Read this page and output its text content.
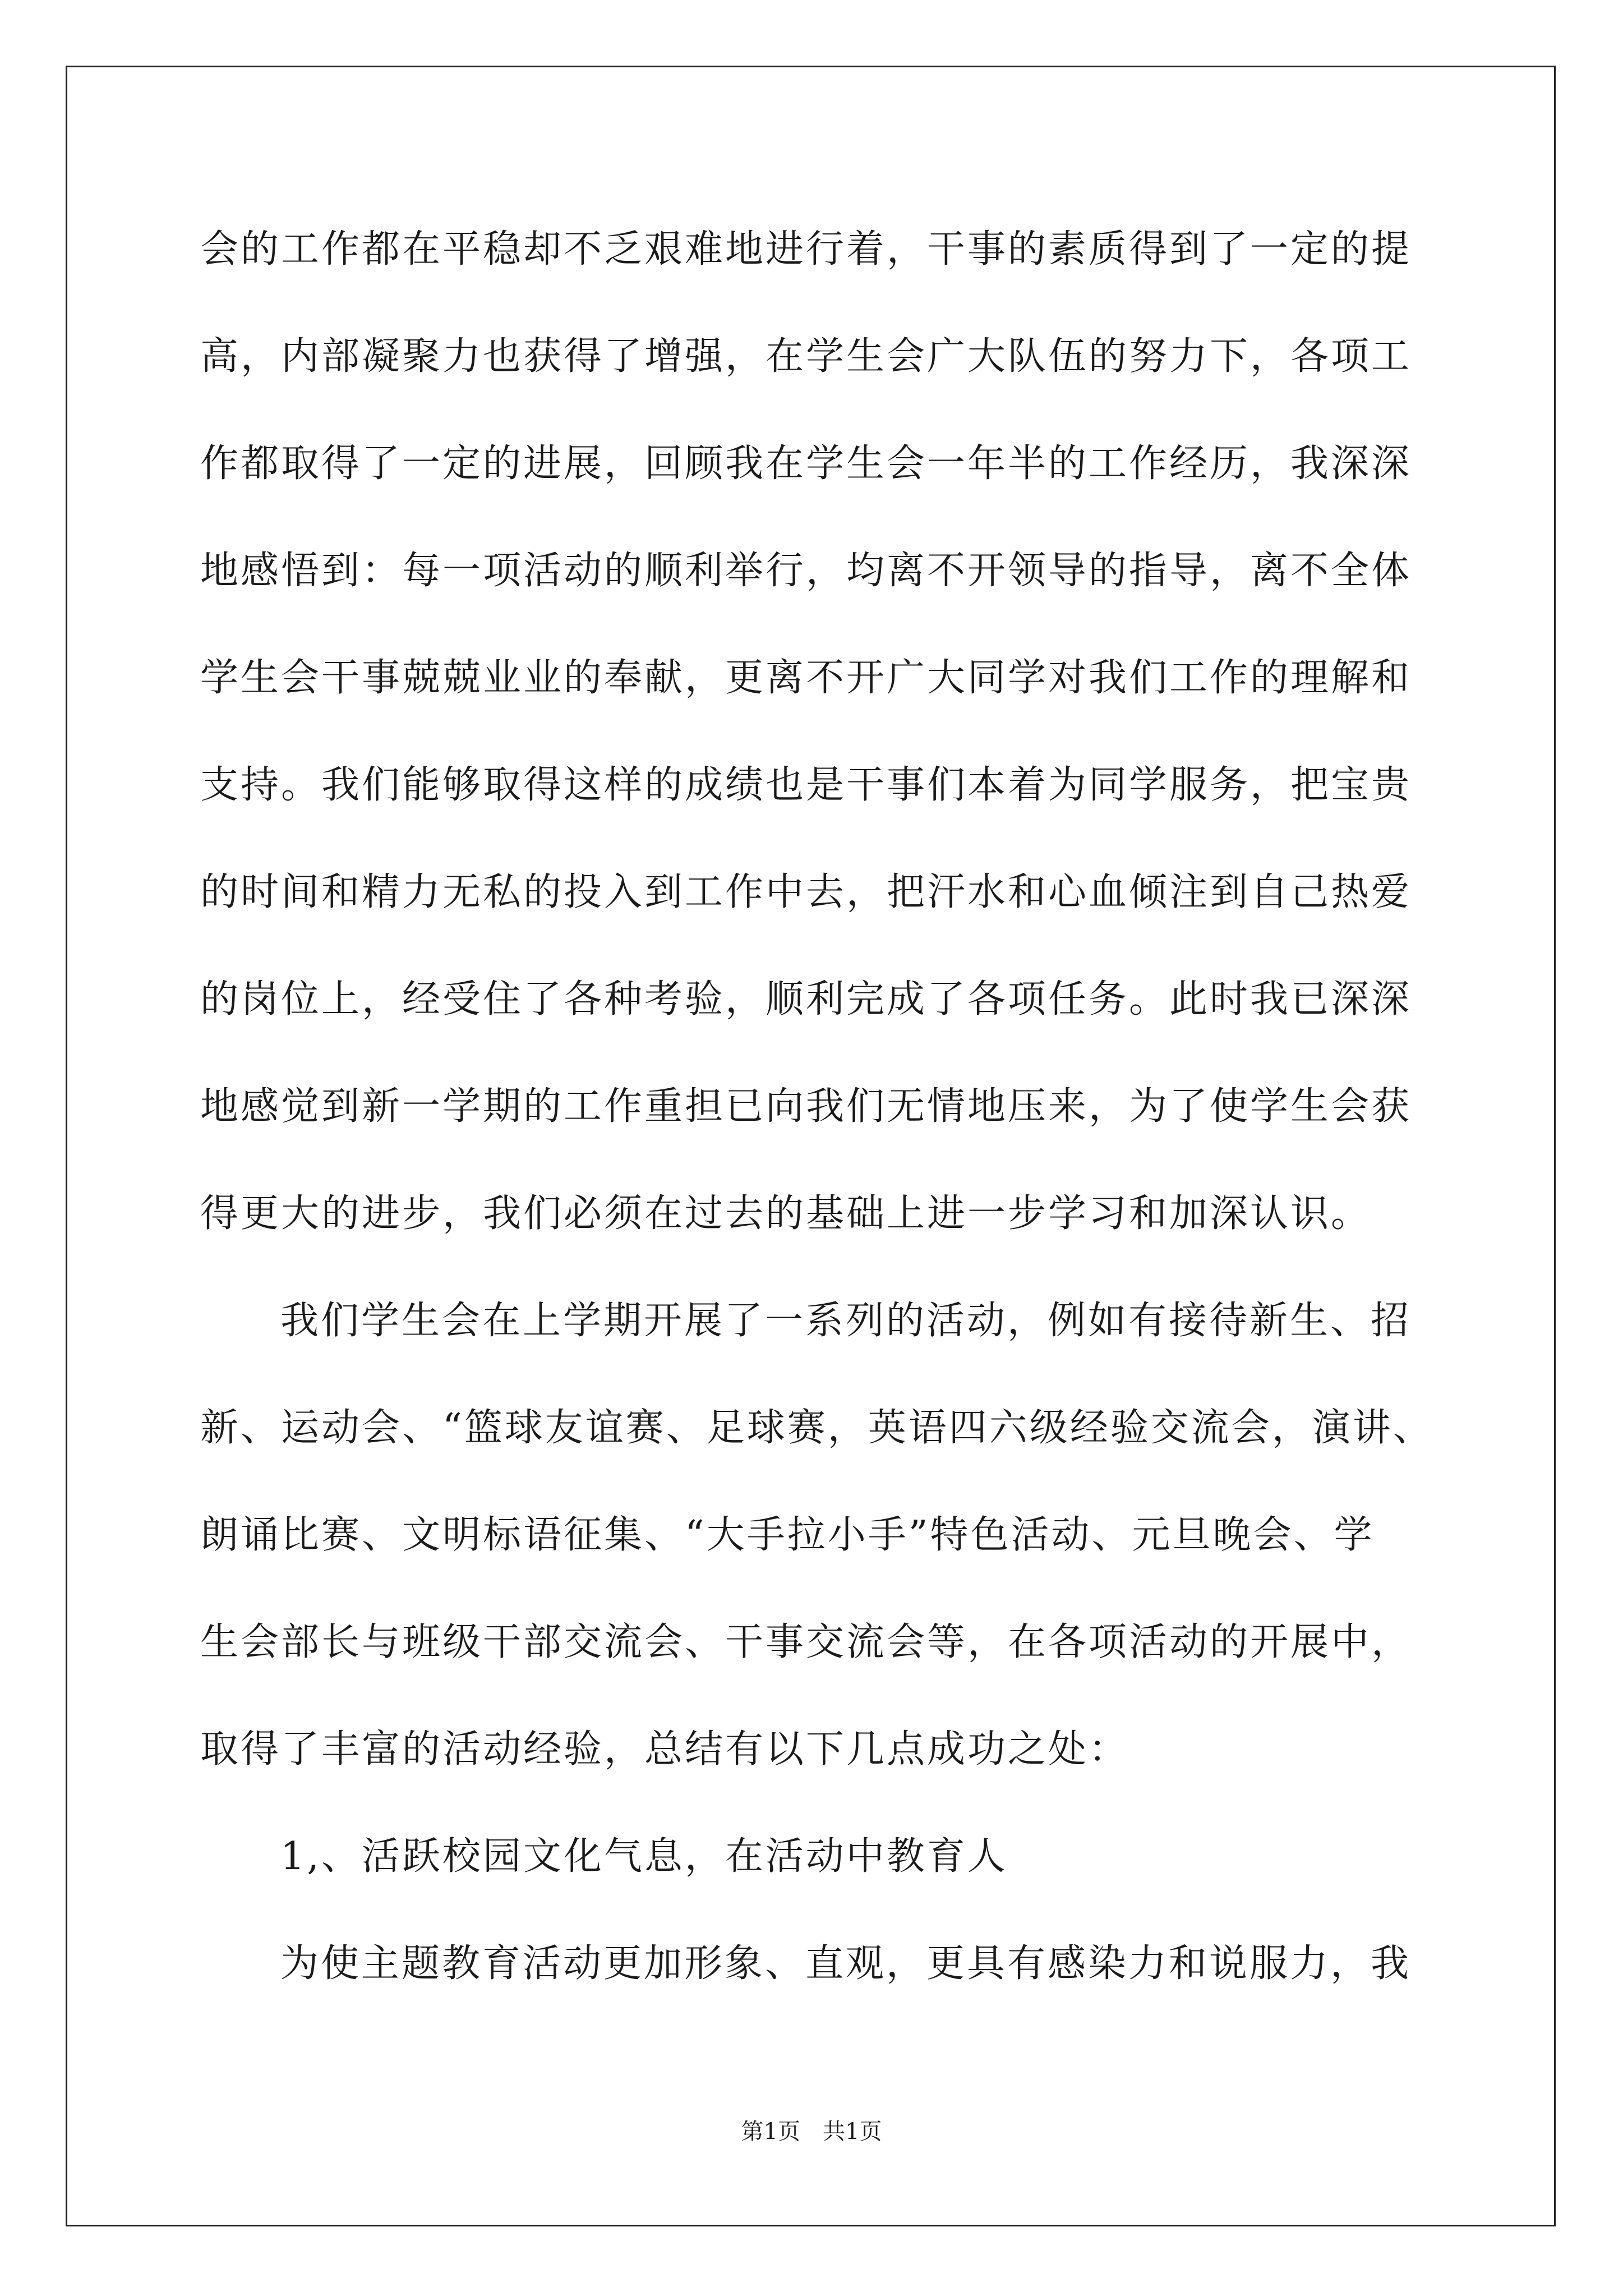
会的工作都在平稳却不乏艰难地进行着，干事的素质得到了一定的提
高，内部凝聚力也获得了增强，在学生会广大队伍的努力下，各项工
作都取得了一定的进展，回顾我在学生会一年半的工作经历，我深深
地感悟到：每一项活动的顺利举行，均离不开领导的指导，离不全体
学生会干事兢兢业业的奉献，更离不开广大同学对我们工作的理解和
支持。我们能够取得这样的成绩也是干事们本着为同学服务，把宝贵
的时间和精力无私的投入到工作中去，把汗水和心血倾注到自己热爱
的岗位上，经受住了各种考验，顺利完成了各项任务。此时我已深深
地感觉到新一学期的工作重担已向我们无情地压来，为了使学生会获
得更大的进步，我们必须在过去的基础上进一步学习和加深认识。
我们学生会在上学期开展了一系列的活动，例如有接待新生、招
新、运动会、“篮球友谊赛、足球赛，英语四六级经验交流会，演讲、
朗诵比赛、文明标语征集、“大手拉小手”特色活动、元旦晚会、学
生会部长与班级干部交流会、干事交流会等，在各项活动的开展中，
取得了丰富的活动经验，总结有以下几点成功之处：
1,、活跃校园文化气息，在活动中教育人
为使主题教育活动更加形象、直观，更具有感染力和说服力，我
第1页　共1页
